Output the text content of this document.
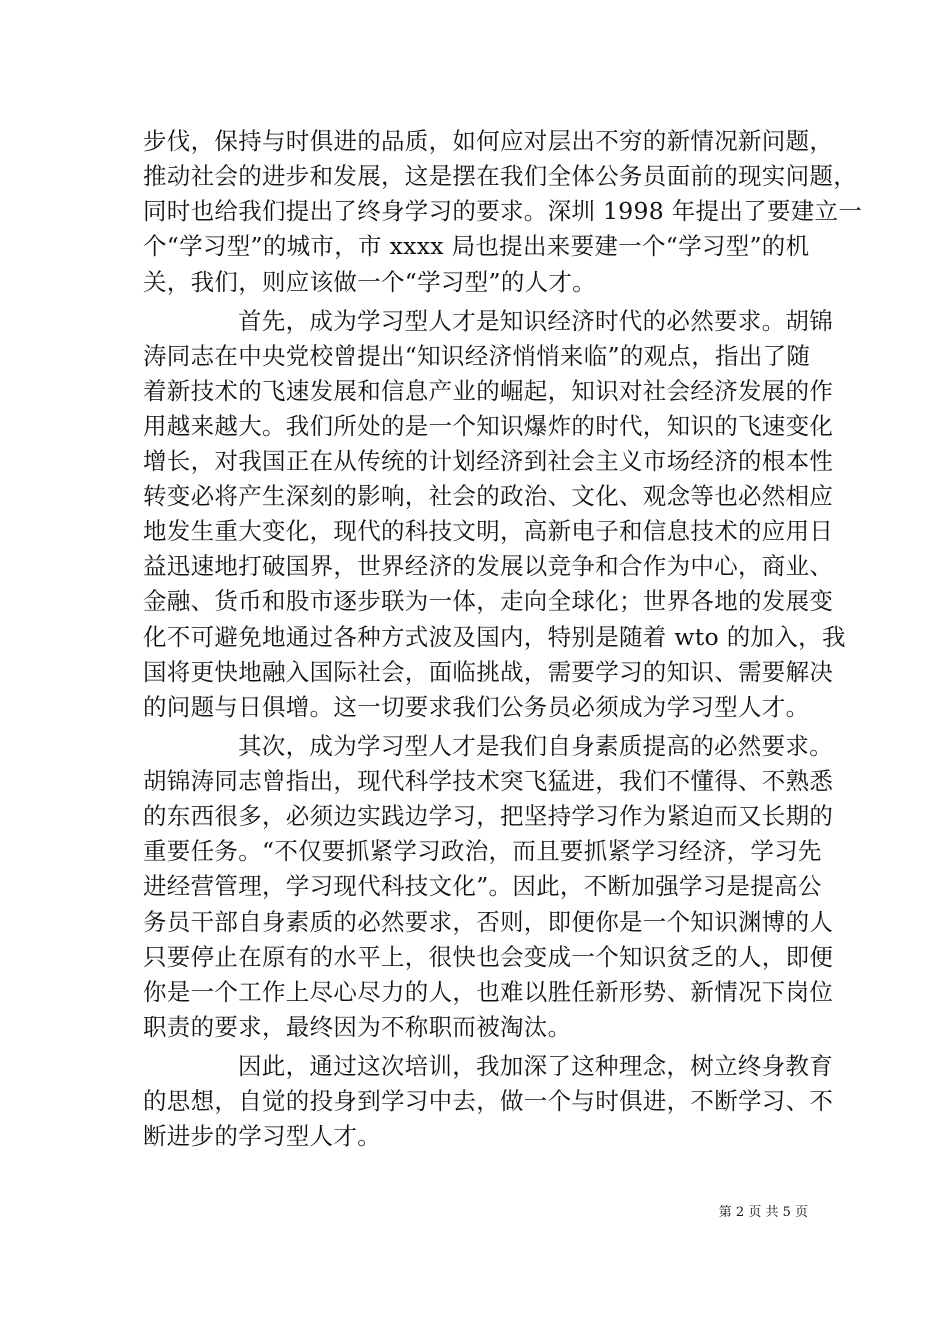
步伐，保持与时俱进的品质，如何应对层出不穷的新情况新问题，
推动社会的进步和发展，这是摆在我们全体公务员面前的现实问题，
同时也给我们提出了终身学习的要求。深圳 1998 年提出了要建立一
个“学习型”的城市，市 xxxx 局也提出来要建一个“学习型”的机
关，我们，则应该做一个“学习型”的人才。
首先，成为学习型人才是知识经济时代的必然要求。胡锦
涛同志在中央党校曾提出“知识经济悄悄来临”的观点，指出了随
着新技术的飞速发展和信息产业的崛起，知识对社会经济发展的作
用越来越大。我们所处的是一个知识爆炸的时代，知识的飞速变化
增长，对我国正在从传统的计划经济到社会主义市场经济的根本性
转变必将产生深刻的影响，社会的政治、文化、观念等也必然相应
地发生重大变化，现代的科技文明，高新电子和信息技术的应用日
益迅速地打破国界，世界经济的发展以竞争和合作为中心，商业、
金融、货币和股市逐步联为一体，走向全球化；世界各地的发展变
化不可避免地通过各种方式波及国内，特别是随着 wto 的加入，我
国将更快地融入国际社会，面临挑战，需要学习的知识、需要解决
的问题与日俱增。这一切要求我们公务员必须成为学习型人才。
其次，成为学习型人才是我们自身素质提高的必然要求。
胡锦涛同志曾指出，现代科学技术突飞猛进，我们不懂得、不熟悉
的东西很多，必须边实践边学习，把坚持学习作为紧迫而又长期的
重要任务。“不仅要抓紧学习政治，而且要抓紧学习经济，学习先
进经营管理，学习现代科技文化”。因此，不断加强学习是提高公
务员干部自身素质的必然要求，否则，即便你是一个知识渊博的人
只要停止在原有的水平上，很快也会变成一个知识贫乏的人，即便
你是一个工作上尽心尽力的人，也难以胜任新形势、新情况下岗位
职责的要求，最终因为不称职而被淘汰。
因此，通过这次培训，我加深了这种理念，树立终身教育
的思想，自觉的投身到学习中去，做一个与时俱进，不断学习、不
断进步的学习型人才。
第 2 页 共 5 页
